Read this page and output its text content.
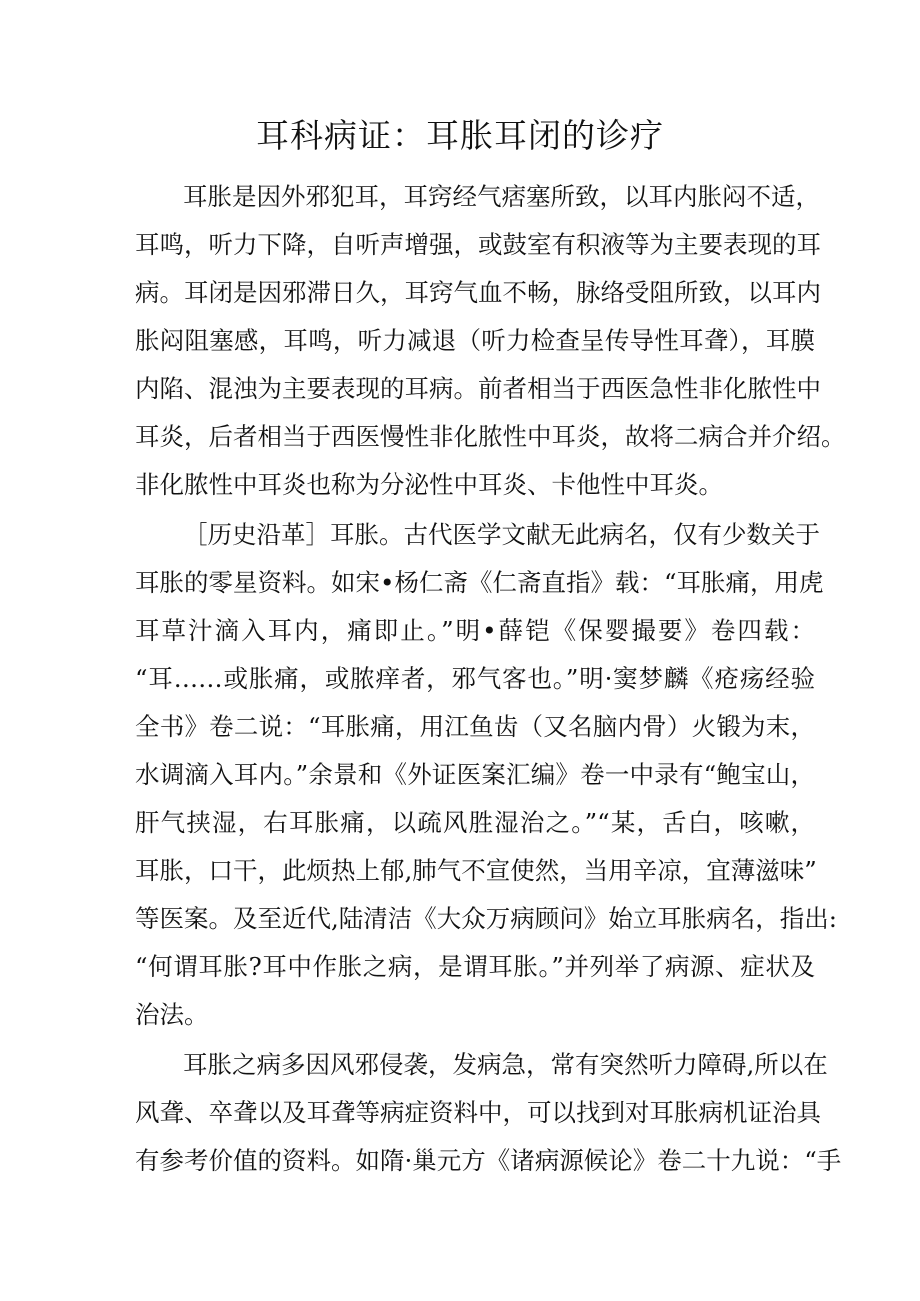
耳科病证：耳胀耳闭的诊疗

耳胀是因外邪犯耳，耳窍经气痞塞所致，以耳内胀闷不适，

耳鸣，听力下降，自听声增强，或鼓室有积液等为主要表现的耳

病。耳闭是因邪滞日久，耳窍气血不畅，脉络受阻所致，以耳内

胀闷阻塞感，耳鸣，听力减退（听力检查呈传导性耳聋），耳膜

内陷、混浊为主要表现的耳病。前者相当于西医急性非化脓性中

耳炎，后者相当于西医慢性非化脓性中耳炎，故将二病合并介绍。

非化脓性中耳炎也称为分泌性中耳炎、卡他性中耳炎。

［历史沿革］耳胀。古代医学文献无此病名，仅有少数关于

耳胀的零星资料。如宋•杨仁斋《仁斋直指》载：“耳胀痛，用虎

耳草汁滴入耳内，痛即止。”明•薛铠《保婴撮要》卷四载：

“耳……或胀痛，或脓痒者，邪气客也。”明·窦梦麟《疮疡经验

全书》卷二说：“耳胀痛，用江鱼齿（又名脑内骨）火锻为末，

水调滴入耳内。”余景和《外证医案汇编》卷一中录有“鲍宝山，

肝气挟湿，右耳胀痛，以疏风胜湿治之。”“某，舌白，咳嗽，

耳胀，口干，此烦热上郁,肺气不宣使然，当用辛凉，宜薄滋味”

等医案。及至近代,陆清洁《大众万病顾问》始立耳胀病名，指出:

“何谓耳胀?耳中作胀之病，是谓耳胀。”并列举了病源、症状及

治法。

耳胀之病多因风邪侵袭，发病急，常有突然听力障碍,所以在

风聋、卒聋以及耳聋等病症资料中，可以找到对耳胀病机证治具

有参考价值的资料。如隋·巢元方《诸病源候论》卷二十九说：“手
